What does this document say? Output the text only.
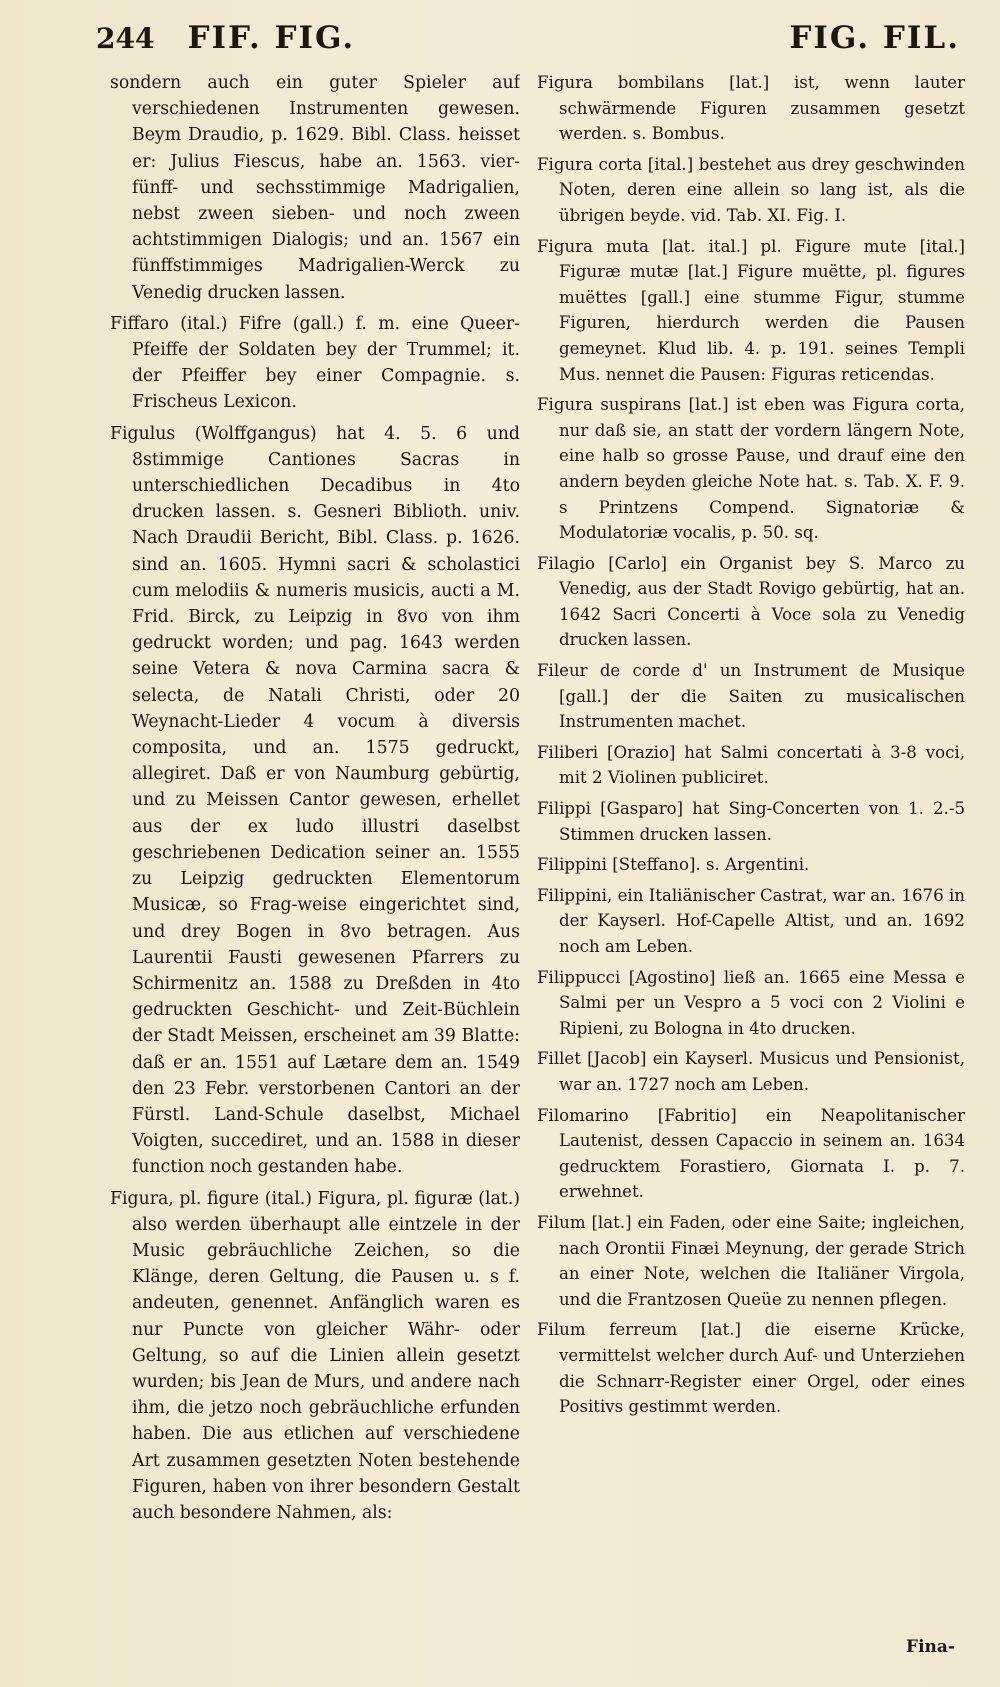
244 FIF. FIG.	FIG. FIL.

sondern auch ein guter Spieler auf verschiedenen Instrumenten gewesen. Beym Draudio, p. 1629. Bibl. Class. heisset er: Julius Fiescus, habe an. 1563. vier- fünff- und sechsstimmige Madrigalien, nebst zween sieben- und noch zween achtstimmigen Dialogis; und an. 1567 ein fünffstimmiges Madrigalien-Werck zu Venedig drucken lassen.

Fiffaro (ital.) Fifre (gall.) f. m. eine Queer-Pfeiffe der Soldaten bey der Trummel; it. der Pfeiffer bey einer Compagnie. s. Frischeus Lexicon.

Figulus (Wolffgangus) hat 4. 5. 6 und 8stimmige Cantiones Sacras in unterschiedlichen Decadibus in 4to drucken lassen. s. Gesneri Biblioth. univ. Nach Draudii Bericht, Bibl. Class. p. 1626. sind an. 1605. Hymni sacri & scholastici cum melodiis & numeris musicis, aucti a M. Frid. Birck, zu Leipzig in 8vo von ihm gedruckt worden; und pag. 1643 werden seine Vetera & nova Carmina sacra & selecta, de Natali Christi, oder 20 Weynacht-Lieder 4 vocum à diversis composita, und an. 1575 gedruckt, allegiret. Daß er von Naumburg gebürtig, und zu Meissen Cantor gewesen, erhellet aus der ex ludo illustri daselbst geschriebenen Dedication seiner an. 1555 zu Leipzig gedruckten Elementorum Musicæ, so Frag-weise eingerichtet sind, und drey Bogen in 8vo betragen. Aus Laurentii Fausti gewesenen Pfarrers zu Schirmenitz an. 1588 zu Dreßden in 4to gedruckten Geschicht- und Zeit-Büchlein der Stadt Meissen, erscheinet am 39 Blatte: daß er an. 1551 auf Lætare dem an. 1549 den 23 Febr. verstorbenen Cantori an der Fürstl. Land-Schule daselbst, Michael Voigten, succediret, und an. 1588 in dieser function noch gestanden habe.

Figura, pl. figure (ital.) Figura, pl. figuræ (lat.) also werden überhaupt alle eintzele in der Music gebräuchliche Zeichen, so die Klänge, deren Geltung, die Pausen u. s f. andeuten, genennet. Anfänglich waren es nur Puncte von gleicher Währ- oder Geltung, so auf die Linien allein gesetzt wurden; bis Jean de Murs, und andere nach ihm, die jetzo noch gebräuchliche erfunden haben. Die aus etlichen auf verschiedene Art zusammen gesetzten Noten bestehende Figuren, haben von ihrer besondern Gestalt auch besondere Nahmen, als:

Figura bombilans [lat.] ist, wenn lauter schwärmende Figuren zusammen gesetzt werden. s. Bombus.

Figura corta [ital.] bestehet aus drey geschwinden Noten, deren eine allein so lang ist, als die übrigen beyde. vid. Tab. XI. Fig. I.

Figura muta [lat. ital.] pl. Figure mute [ital.] Figuræ mutæ [lat.] Figure muëtte, pl. figures muëttes [gall.] eine stumme Figur, stumme Figuren, hierdurch werden die Pausen gemeynet. Klud lib. 4. p. 191. seines Templi Mus. nennet die Pausen: Figuras reticendas.

Figura suspirans [lat.] ist eben was Figura corta, nur daß sie, an statt der vordern längern Note, eine halb so grosse Pause, und drauf eine den andern beyden gleiche Note hat. s. Tab. X. F. 9. s Printzens Compend. Signatoriæ & Modulatoriæ vocalis, p. 50. sq.

Filagio [Carlo] ein Organist bey S. Marco zu Venedig, aus der Stadt Rovigo gebürtig, hat an. 1642 Sacri Concerti à Voce sola zu Venedig drucken lassen.

Fileur de corde d' un Instrument de Musique [gall.] der die Saiten zu musicalischen Instrumenten machet.

Filiberi [Orazio] hat Salmi concertati à 3-8 voci, mit 2 Violinen publiciret.

Filippi [Gasparo] hat Sing-Concerten von 1. 2.-5 Stimmen drucken lassen.

Filippini [Steffano]. s. Argentini.

Filippini, ein Italiänischer Castrat, war an. 1676 in der Kayserl. Hof-Capelle Altist, und an. 1692 noch am Leben.

Filippucci [Agostino] ließ an. 1665 eine Messa e Salmi per un Vespro a 5 voci con 2 Violini e Ripieni, zu Bologna in 4to drucken.

Fillet [Jacob] ein Kayserl. Musicus und Pensionist, war an. 1727 noch am Leben.

Filomarino [Fabritio] ein Neapolitanischer Lautenist, dessen Capaccio in seinem an. 1634 gedrucktem Forastiero, Giornata I. p. 7. erwehnet.

Filum [lat.] ein Faden, oder eine Saite; ingleichen, nach Orontii Finæi Meynung, der gerade Strich an einer Note, welchen die Italiäner Virgola, und die Frantzosen Queüe zu nennen pflegen.

Filum ferreum [lat.] die eiserne Krücke, vermittelst welcher durch Auf- und Unterziehen die Schnarr-Register einer Orgel, oder eines Positivs gestimmt werden.

Fina-
